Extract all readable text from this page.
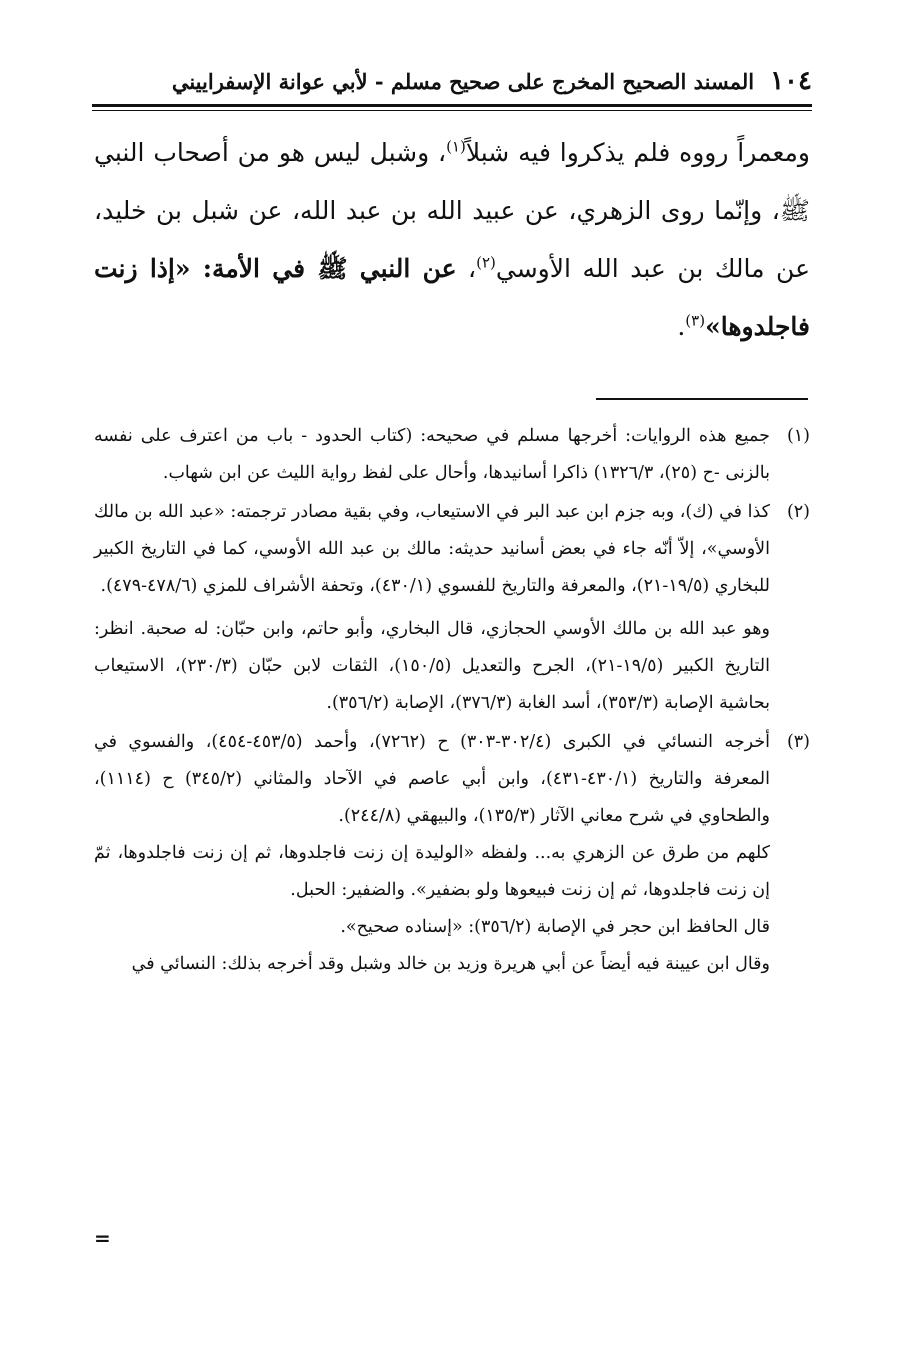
١٠٤
المسند الصحيح المخرج على صحيح مسلم - لأبي عوانة الإسفراييني

ومعمراً رووه فلم يذكروا فيه شبلاً$^{(١)}$، وشبل ليس هو من أصحاب النبي ﷺ، وإنّما روى الزهري، عن عبيد الله بن عبد الله، عن شبل بن خليد، عن مالك بن عبد الله الأوسي$^{(٢)}$، عن النبي ﷺ في الأمة: «إذا زنت فاجلدوها»$^{(٣)}$.

(١)

جميع هذه الروايات: أخرجها مسلم في صحيحه: (كتاب الحدود - باب من اعترف على نفسه بالزنى -ح (٢٥)، ١٣٢٦/٣) ذاكرا أسانيدها، وأحال على لفظ رواية الليث عن ابن شهاب.

(٢)

كذا في (ك)، وبه جزم ابن عبد البر في الاستيعاب، وفي بقية مصادر ترجمته: «عبد الله بن مالك الأوسي»، إلاّ أنّه جاء في بعض أسانيد حديثه: مالك بن عبد الله الأوسي، كما في التاريخ الكبير للبخاري (١٩/٥-٢١)، والمعرفة والتاريخ للفسوي (٤٣٠/١)، وتحفة الأشراف للمزي (٤٧٨/٦-٤٧٩).

وهو عبد الله بن مالك الأوسي الحجازي، قال البخاري، وأبو حاتم، وابن حبّان: له صحبة. انظر: التاريخ الكبير (١٩/٥-٢١)، الجرح والتعديل (١٥٠/٥)، الثقات لابن حبّان (٢٣٠/٣)، الاستيعاب بحاشية الإصابة (٣٥٣/٣)، أسد الغابة (٣٧٦/٣)، الإصابة (٣٥٦/٢).

(٣)

أخرجه النسائي في الكبرى (٣٠٢/٤-٣٠٣) ح (٧٢٦٢)، وأحمد (٤٥٣/٥-٤٥٤)، والفسوي في المعرفة والتاريخ (٤٣٠/١-٤٣١)، وابن أبي عاصم في الآحاد والمثاني (٣٤٥/٢) ح (١١١٤)، والطحاوي في شرح معاني الآثار (١٣٥/٣)، والبيهقي (٢٤٤/٨).

كلهم من طرق عن الزهري به... ولفظه «الوليدة إن زنت فاجلدوها، ثم إن زنت فاجلدوها، ثمّ إن زنت فاجلدوها، ثم إن زنت فبيعوها ولو بضفير». والضفير: الحبل.

قال الحافظ ابن حجر في الإصابة (٣٥٦/٢): «إسناده صحيح».

وقال ابن عيينة فيه أيضاً عن أبي هريرة وزيد بن خالد وشبل وقد أخرجه بذلك: النسائي في

=
